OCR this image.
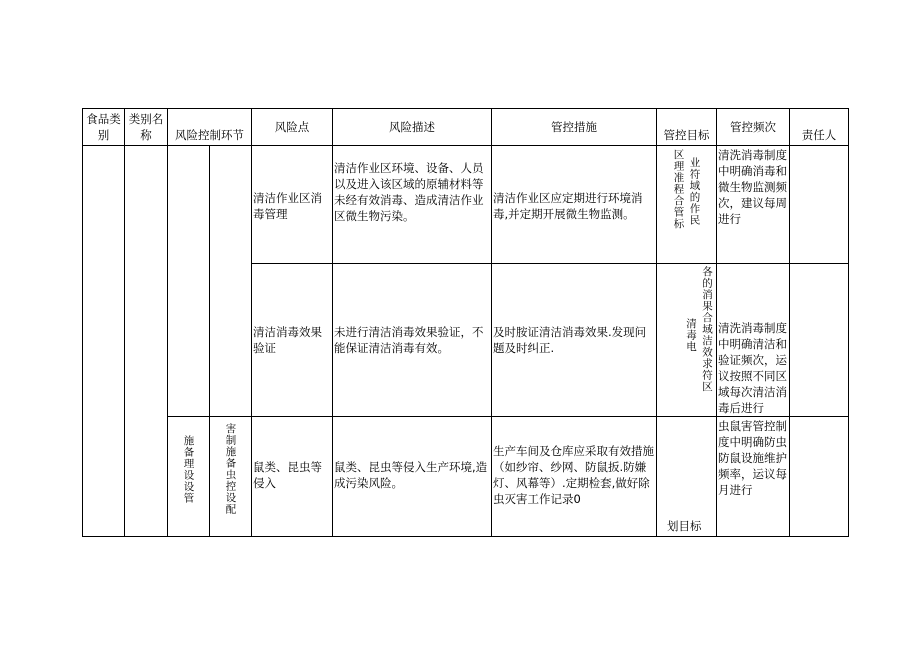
食品类别	类别名称	风险控制环节		风险点	风险描述	管控措施	管控目标	管控频次	责任人
				清洁作业区消毒管理	清洁作业区环境、设备、人员以及进入该区域的原辅材料等未经有效消毒、造成清洁作业区微生物污染。	清洁作业区应定期进行环境消毒,并定期开展微生物监测。	区理准程合管标 业符域的作民	清洗消毒制度中明确消毒和微生物监测频次，建议每周进行	
				清洁消毒效果验证	未进行清洁消毒效果验证，不能保证清洁消毒有效。	及时胺证清洁消毒效果.发现问题及时纠正.	清毒电 各的消果合域洁效求符区	清洗消毒制度中明确清洁和验证频次，运议按照不同区域每次清洁消毒后进行	

		施备理设设管	害制施备虫控设配	鼠类、昆虫等侵入	鼠类、昆虫等侵入生产环境,造成污染风险。	生产车间及仓库应采取有效措施（如纱帘、纱网、防鼠扳.防嫌灯、风幕等）.定期检套,做好除虫灭害工作记录0	划目标	虫鼠害管控制度中明确防虫防鼠设施维护频率，运议每月进行	
